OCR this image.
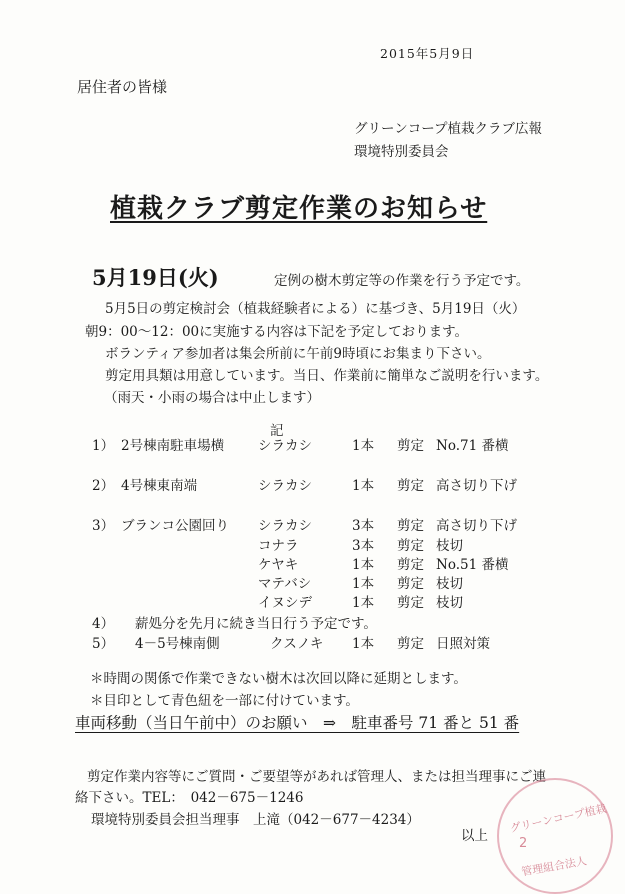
2015年5月9日
居住者の皆様
グリーンコープ植栽クラブ広報
環境特別委員会
植栽クラブ剪定作業のお知らせ
5月19日(火)	定例の樹木剪定等の作業を行う予定です。
5月5日の剪定検討会（植栽経験者による）に基づき、5月19日（火）
朝9：00～12：00に実施する内容は下記を予定しております。
ボランティア参加者は集会所前に午前9時頃にお集まり下さい。
剪定用具類は用意しています。当日、作業前に簡単なご説明を行います。
（雨天・小雨の場合は中止します）
記
1） 2号棟南駐車場横	シラカシ	1本 剪定 No.71 番横
2） 4号棟東南端	シラカシ	1本 剪定 高さ切り下げ
3） ブランコ公園回り シラカシ	3本 剪定 高さ切り下げ
コナラ	3本 剪定 枝切
ケヤキ	1本 剪定 No.51 番横
マテバシ	1本 剪定 枝切
イヌシデ	1本 剪定 枝切
4） 薪処分を先月に続き当日行う予定です。
5） 4－5号棟南側	クスノキ 1本 剪定 日照対策
＊時間の関係で作業できない樹木は次回以降に延期とします。
＊目印として青色紐を一部に付けています。
車両移動（当日午前中）のお願い　⇒　駐車番号 71 番と 51 番
剪定作業内容等にご質問・ご要望等があれば管理人、または担当理事にご連
絡下さい。TEL：　042－675－1246
環境特別委員会担当理事　上滝（042－677－4234）
以上
グリーンコープ植栽
2
管理組合法人
